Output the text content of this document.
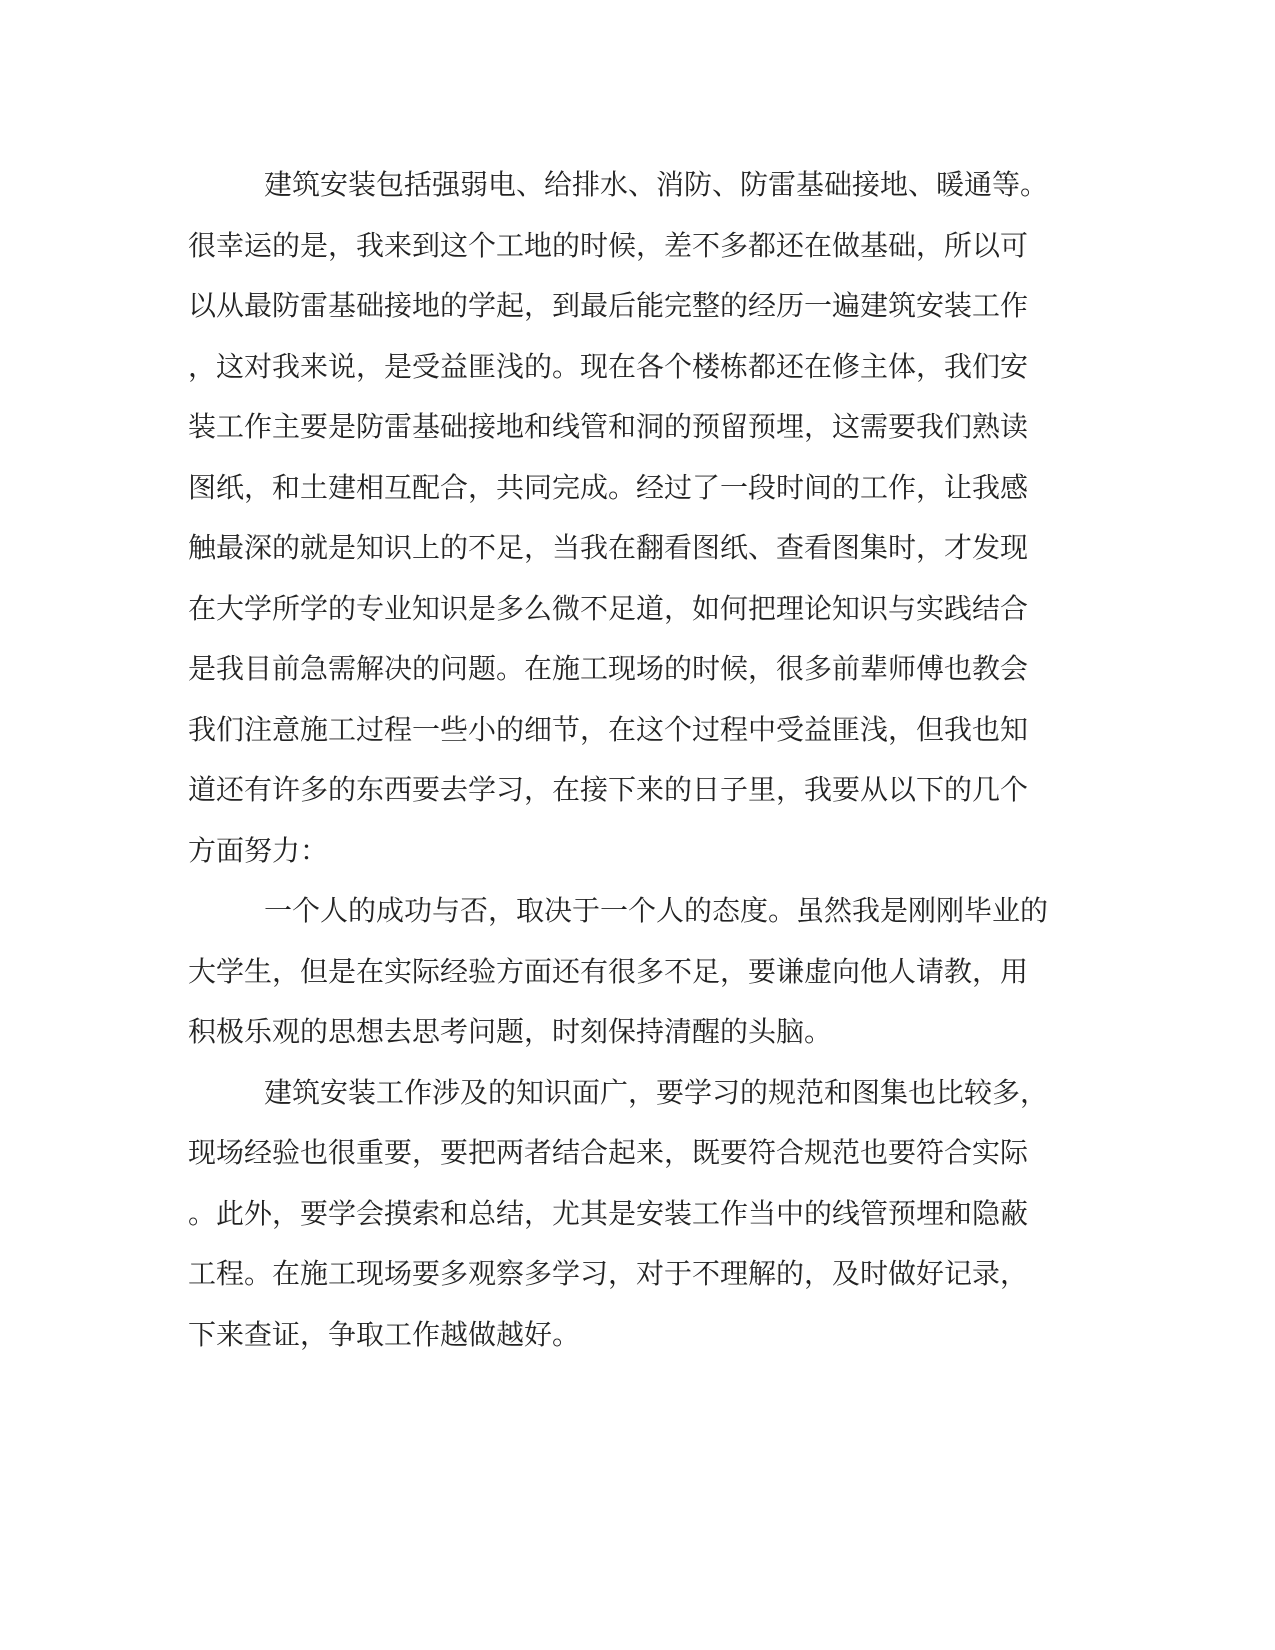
建筑安装包括强弱电、给排水、消防、防雷基础接地、暖通等。
很幸运的是，我来到这个工地的时候，差不多都还在做基础，所以可
以从最防雷基础接地的学起，到最后能完整的经历一遍建筑安装工作
，这对我来说，是受益匪浅的。现在各个楼栋都还在修主体，我们安
装工作主要是防雷基础接地和线管和洞的预留预埋，这需要我们熟读
图纸，和土建相互配合，共同完成。经过了一段时间的工作，让我感
触最深的就是知识上的不足，当我在翻看图纸、查看图集时，才发现
在大学所学的专业知识是多么微不足道，如何把理论知识与实践结合
是我目前急需解决的问题。在施工现场的时候，很多前辈师傅也教会
我们注意施工过程一些小的细节，在这个过程中受益匪浅，但我也知
道还有许多的东西要去学习，在接下来的日子里，我要从以下的几个
方面努力：
一个人的成功与否，取决于一个人的态度。虽然我是刚刚毕业的
大学生，但是在实际经验方面还有很多不足，要谦虚向他人请教，用
积极乐观的思想去思考问题，时刻保持清醒的头脑。
建筑安装工作涉及的知识面广，要学习的规范和图集也比较多，
现场经验也很重要，要把两者结合起来，既要符合规范也要符合实际
。此外，要学会摸索和总结，尤其是安装工作当中的线管预埋和隐蔽
工程。在施工现场要多观察多学习，对于不理解的，及时做好记录，
下来查证，争取工作越做越好。
